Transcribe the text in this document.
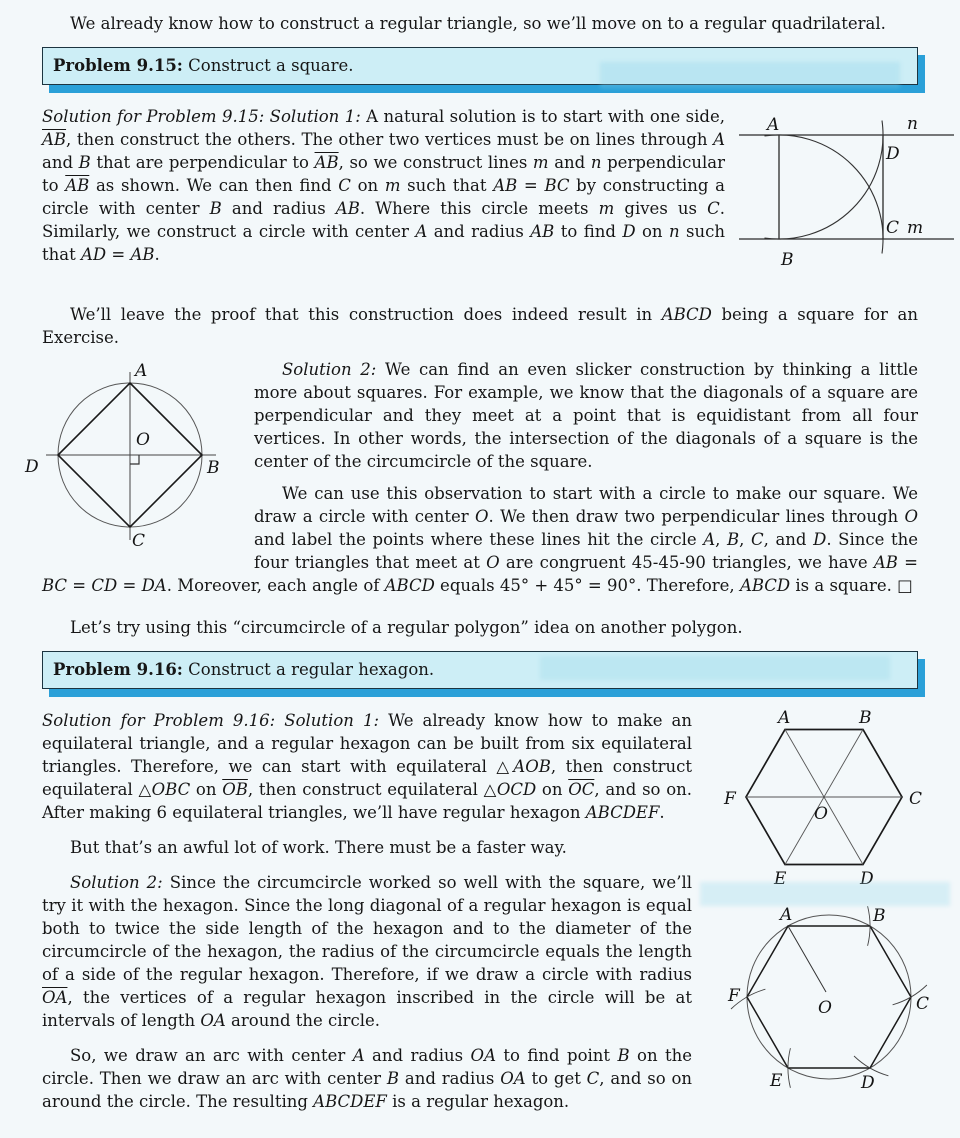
We already know how to construct a regular triangle, so we’ll move on to a regular quadrilateral.

Problem 9.15: Construct a square.
A
B
D
C m
n

Solution for Problem 9.15: Solution 1: A natural solution is to start with one side, $\overline{AB}$, then construct the others. The other two vertices must be on lines through A and B that are perpendicular to $\overline{AB}$, so we construct lines m and n perpendicular to $\overline{AB}$ as shown. We can then find C on m such that AB = BC by constructing a circle with center B and radius AB. Where this circle meets m gives us C. Similarly, we construct a circle with center A and radius AB to find D on n such that AD = AB.

We’ll leave the proof that this construction does indeed result in ABCD being a square for an Exercise.

A
O
D	B
C

Solution 2: We can find an even slicker construction by thinking a little more about squares. For example, we know that the diagonals of a square are perpendicular and they meet at a point that is equidistant from all four vertices. In other words, the intersection of the diagonals of a square is the center of the circumcircle of the square.

We can use this observation to start with a circle to make our square. We draw a circle with center O. We then draw two perpendicular lines through O and label the points where these lines hit the circle A, B, C, and D. Since the four triangles that meet at O are congruent 45-45-90 triangles, we have AB = BC = CD = DA. Moreover, each angle of ABCD equals 45° + 45° = 90°. Therefore, ABCD is a square. □

Let’s try using this “circumcircle of a regular polygon” idea on another polygon.

Problem 9.16: Construct a regular hexagon.
A	B
C
D
E
F
O
A	B
C
D
E
F
O

Solution for Problem 9.16: Solution 1: We already know how to make an equilateral triangle, and a regular hexagon can be built from six equilateral triangles. Therefore, we can start with equilateral △AOB, then construct equilateral △OBC on $\overline{OB}$, then construct equilateral △OCD on $\overline{OC}$, and so on. After making 6 equilateral triangles, we’ll have regular hexagon ABCDEF.

But that’s an awful lot of work. There must be a faster way.

Solution 2: Since the circumcircle worked so well with the square, we’ll try it with the hexagon. Since the long diagonal of a regular hexagon is equal both to twice the side length of the hexagon and to the diameter of the circumcircle of the hexagon, the radius of the circumcircle equals the length of a side of the regular hexagon. Therefore, if we draw a circle with radius $\overline{OA}$, the vertices of a regular hexagon inscribed in the circle will be at intervals of length OA around the circle.

So, we draw an arc with center A and radius OA to find point B on the circle. Then we draw an arc with center B and radius OA to get C, and so on around the circle. The resulting ABCDEF is a regular hexagon.
